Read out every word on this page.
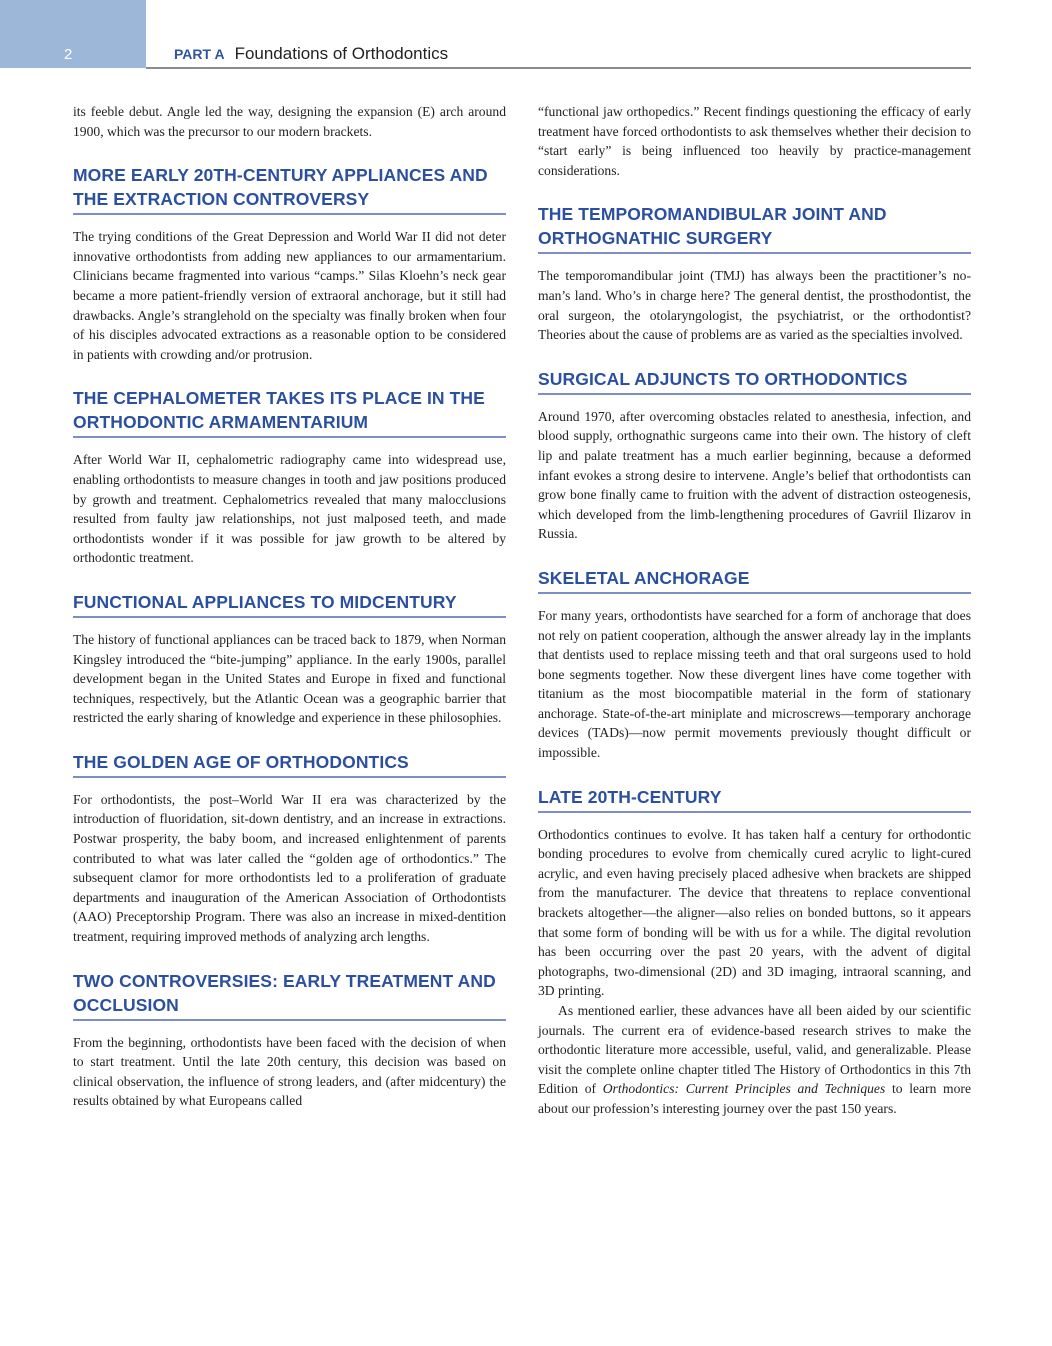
2	PART A Foundations of Orthodontics

its feeble debut. Angle led the way, designing the expansion (E) arch around 1900, which was the precursor to our modern brackets.

MORE EARLY 20TH-CENTURY APPLIANCES AND THE EXTRACTION CONTROVERSY

The trying conditions of the Great Depression and World War II did not deter innovative orthodontists from adding new appliances to our armamentarium. Clinicians became fragmented into various “camps.” Silas Kloehn’s neck gear became a more patient-friendly version of extraoral anchorage, but it still had drawbacks. Angle’s stranglehold on the specialty was finally broken when four of his disciples advocated extractions as a reasonable option to be considered in patients with crowding and/or protrusion.

THE CEPHALOMETER TAKES ITS PLACE IN THE ORTHODONTIC ARMAMENTARIUM

After World War II, cephalometric radiography came into widespread use, enabling orthodontists to measure changes in tooth and jaw positions produced by growth and treatment. Cephalometrics revealed that many malocclusions resulted from faulty jaw relationships, not just malposed teeth, and made orthodontists wonder if it was possible for jaw growth to be altered by orthodontic treatment.

FUNCTIONAL APPLIANCES TO MIDCENTURY

The history of functional appliances can be traced back to 1879, when Norman Kingsley introduced the “bite-jumping” appliance. In the early 1900s, parallel development began in the United States and Europe in fixed and functional techniques, respectively, but the Atlantic Ocean was a geographic barrier that restricted the early sharing of knowledge and experience in these philosophies.

THE GOLDEN AGE OF ORTHODONTICS

For orthodontists, the post–World War II era was characterized by the introduction of fluoridation, sit-down dentistry, and an increase in extractions. Postwar prosperity, the baby boom, and increased enlightenment of parents contributed to what was later called the “golden age of orthodontics.” The subsequent clamor for more orthodontists led to a proliferation of graduate departments and inauguration of the American Association of Orthodontists (AAO) Preceptorship Program. There was also an increase in mixed-dentition treatment, requiring improved methods of analyzing arch lengths.

TWO CONTROVERSIES: EARLY TREATMENT AND OCCLUSION

From the beginning, orthodontists have been faced with the decision of when to start treatment. Until the late 20th century, this decision was based on clinical observation, the influence of strong leaders, and (after midcentury) the results obtained by what Europeans called

“functional jaw orthopedics.” Recent findings questioning the efficacy of early treatment have forced orthodontists to ask themselves whether their decision to “start early” is being influenced too heavily by practice-management considerations.

THE TEMPOROMANDIBULAR JOINT AND ORTHOGNATHIC SURGERY

The temporomandibular joint (TMJ) has always been the practitioner’s no-man’s land. Who’s in charge here? The general dentist, the prosthodontist, the oral surgeon, the otolaryngologist, the psychiatrist, or the orthodontist? Theories about the cause of problems are as varied as the specialties involved.

SURGICAL ADJUNCTS TO ORTHODONTICS

Around 1970, after overcoming obstacles related to anesthesia, infection, and blood supply, orthognathic surgeons came into their own. The history of cleft lip and palate treatment has a much earlier beginning, because a deformed infant evokes a strong desire to intervene. Angle’s belief that orthodontists can grow bone finally came to fruition with the advent of distraction osteogenesis, which developed from the limb-lengthening procedures of Gavriil Ilizarov in Russia.

SKELETAL ANCHORAGE

For many years, orthodontists have searched for a form of anchorage that does not rely on patient cooperation, although the answer already lay in the implants that dentists used to replace missing teeth and that oral surgeons used to hold bone segments together. Now these divergent lines have come together with titanium as the most biocompatible material in the form of stationary anchorage. State-of-the-art miniplate and microscrews—temporary anchorage devices (TADs)—now permit movements previously thought difficult or impossible.

LATE 20TH-CENTURY

Orthodontics continues to evolve. It has taken half a century for orthodontic bonding procedures to evolve from chemically cured acrylic to light-cured acrylic, and even having precisely placed adhesive when brackets are shipped from the manufacturer. The device that threatens to replace conventional brackets altogether—the aligner—also relies on bonded buttons, so it appears that some form of bonding will be with us for a while. The digital revolution has been occurring over the past 20 years, with the advent of digital photographs, two-dimensional (2D) and 3D imaging, intraoral scanning, and 3D printing.

As mentioned earlier, these advances have all been aided by our scientific journals. The current era of evidence-based research strives to make the orthodontic literature more accessible, useful, valid, and generalizable. Please visit the complete online chapter titled The History of Orthodontics in this 7th Edition of Orthodontics: Current Principles and Techniques to learn more about our profession’s interesting journey over the past 150 years.
